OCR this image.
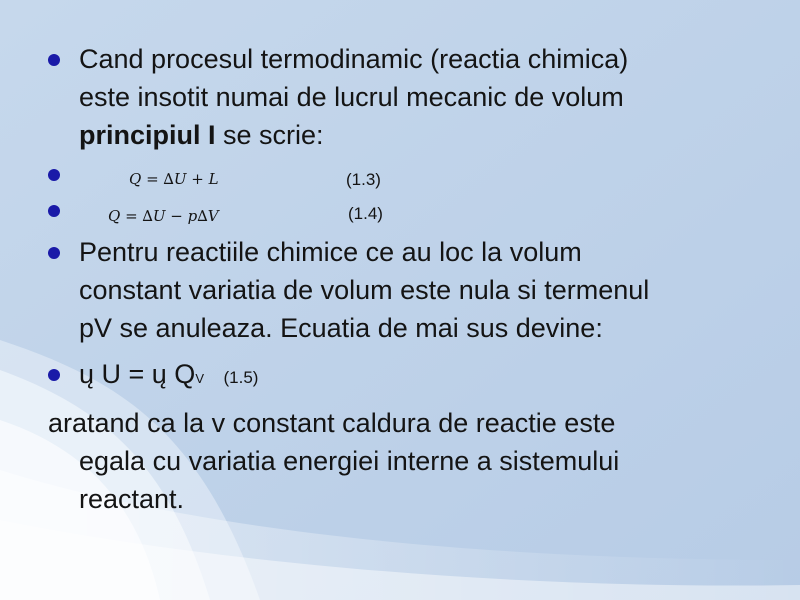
Cand procesul termodinamic (reactia chimica)
este insotit numai de lucrul mecanic de volum
principiul I se scrie:
Q = ∆U + L	(1.3)
Q = ∆U − p∆V	(1.4)
Pentru reactiile chimice ce au loc la volum
constant variatia de volum este nula si termenul
pV se anuleaza. Ecuatia de mai sus devine:
ų U = ų QV (1.5)
aratand ca la v constant caldura de reactie este
egala cu variatia energiei interne a sistemului
reactant.
